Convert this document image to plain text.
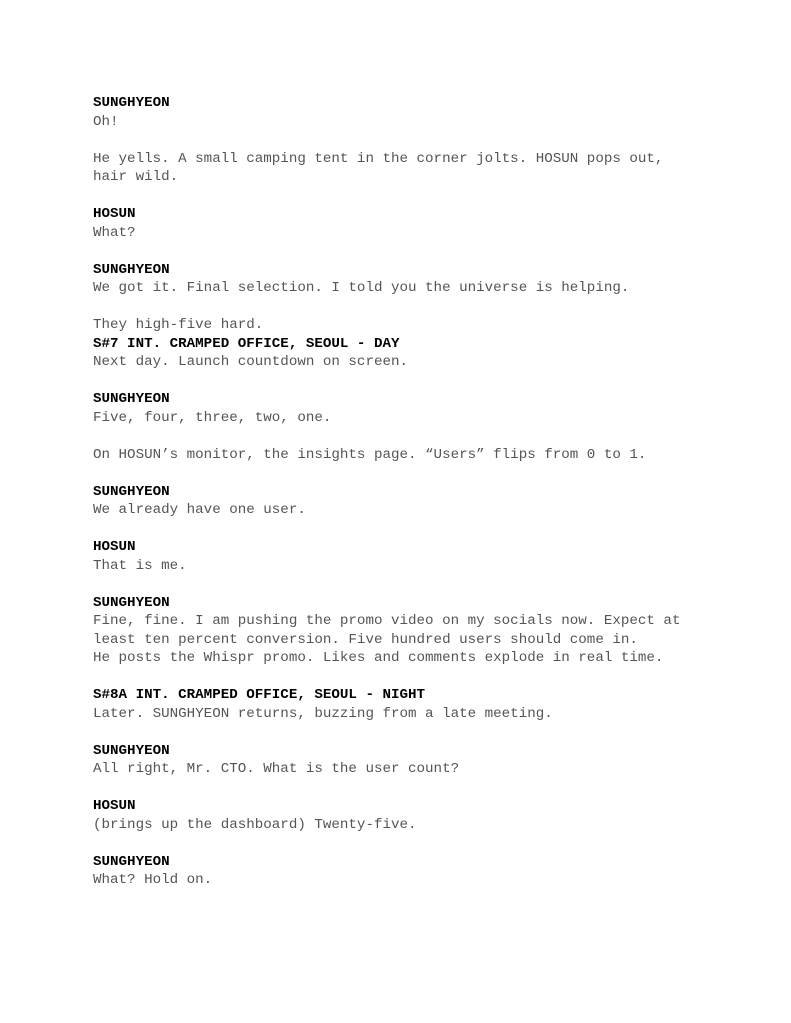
SUNGHYEON
Oh!
He yells. A small camping tent in the corner jolts. HOSUN pops out,
hair wild.
HOSUN
What?
SUNGHYEON
We got it. Final selection. I told you the universe is helping.
They high-five hard.
S#7 INT. CRAMPED OFFICE, SEOUL - DAY
Next day. Launch countdown on screen.
SUNGHYEON
Five, four, three, two, one.
On HOSUN’s monitor, the insights page. “Users” flips from 0 to 1.
SUNGHYEON
We already have one user.
HOSUN
That is me.
SUNGHYEON
Fine, fine. I am pushing the promo video on my socials now. Expect at
least ten percent conversion. Five hundred users should come in.
He posts the Whispr promo. Likes and comments explode in real time.
S#8A INT. CRAMPED OFFICE, SEOUL - NIGHT
Later. SUNGHYEON returns, buzzing from a late meeting.
SUNGHYEON
All right, Mr. CTO. What is the user count?
HOSUN
(brings up the dashboard) Twenty-five.
SUNGHYEON
What? Hold on.
